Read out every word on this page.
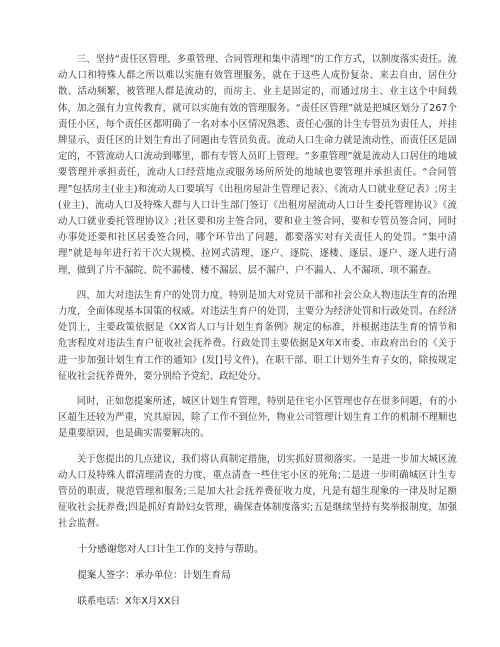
三、坚持“责任区管理、多重管理、合同管理和集中清理”的工作方式，以制度落实责任。流动人口和特殊人群之所以难以实施有效管理服务，就在于这些人成份复杂、来去自由、居住分散、活动频繁，被管理人群是流动的，而房主、业主是固定的，而通过房主、业主这个中间载体，加之强有力宣传教育，就可以实施有效的管理服务。“责任区管理”就是把城区划分了267个责任小区，每个责任区都明确了一名对本小区情况熟悉、责任心强的计生专管员为责任人，并挂牌显示，责任区的计划生育出了问题由专管员负责。流动人口生命力就是流动性，而责任区是固定的，不管流动人口流动到哪里，都有专管人员盯上管理。“多重管理”就是流动人口居住的地域要管理并承担责任，流动人口经营地点或服务场所所处的地域也要管理并承担责任。“合同管理”包括房主(业主)和流动人口要填写《出租房屋計生管理记表》、《流动人口就业登记表》;房主(业主)、流动人口及特殊人群与人口计生部门签订《出租房屋流动人口计生委托管理协议》《流动人口就业委托管理协议》;社区要和房主签合同，要和业主签合同，要和专管员签合同，同时办事处还要和社区居委签合同，哪个环节出了问题，都要落实对有关责任人的处罚。“集中清理”就是每年进行若干次大规模、拉网式清理，逐户、逐院、逐楼、逐层、逐户、逐人进行清理，做到了片不漏院、院不漏楼、楼不漏层、层不漏户、户不漏人、人不漏项、项不漏查。

四、加大对违法生育户的处罚力度，特别是加大对党员干部和社会公众人物违法生育的治理力度，全面体现基本国策的权威。对违法生育户的处罚，主要分为经济处罚和行政处罚。在经济处罚上，主要政策依据是《XX省人口与计划生育条例》规定的标准，并根据违法生育的情节和危害程度对违法生育户征收社会抚养费。行政处罚主要依据是X年X市委、市政府出台的《关于进一步加强计划生育工作的通知》(发[]号文件)，在职干部、职工计划外生育子女的，除按规定征收社会抚养费外，要分别给予党纪、政纪处分。

同时，正如您提案所述，城区计划生育管理，特别是住宅小区管理也存在很多问题，有的小区超生还较为严重，究其原因，除了工作不到位外，物业公司管理计划生育工作的机制不理顺也是重要原因，也是确实需要解决的。

关于您提出的几点建议，我们将认真制定措施，切实抓好贯彻落实。一是进一步加大城区流动人口及特殊人群清理清查的力度，重点清查一些住宅小区的死角;二是进一步明确城区计生专管员的职责，规范管理和服务;三是加大社会抚养费征收力度，凡是有超生现象的一律及时足额征收社会抚养费;四是抓好育龄妇女管理，确保查体制度落实;五是继续坚持有奖举报制度，加强社会监督。

十分感谢您对人口计生工作的支持与帮助。

提案人签字：承办单位：计划生育局

联系电话：X年X月XX日
